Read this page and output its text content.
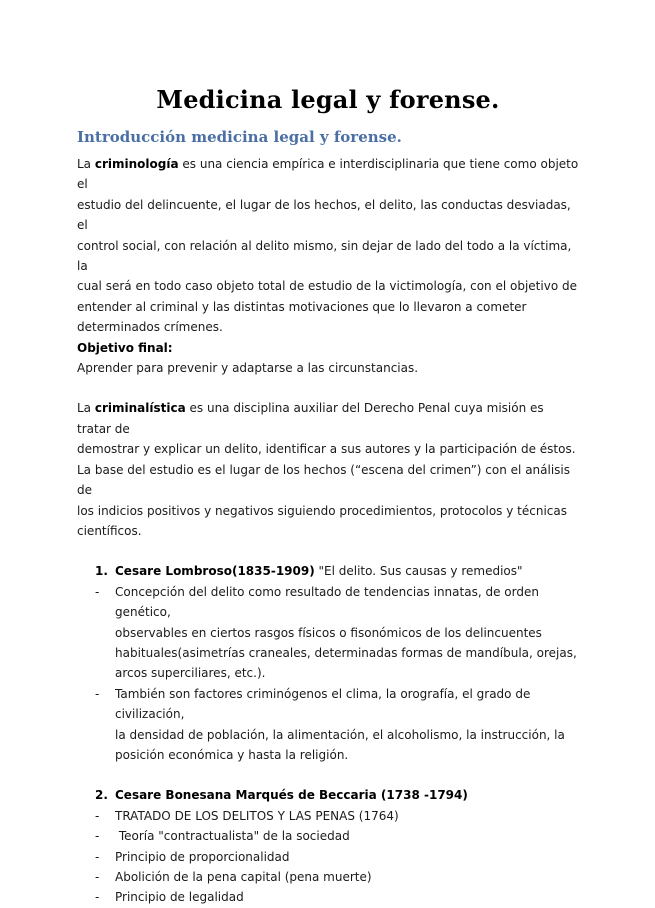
Medicina legal y forense.
Introducción medicina legal y forense.

La criminología es una ciencia empírica e interdisciplinaria que tiene como objeto el

estudio del delincuente, el lugar de los hechos, el delito, las conductas desviadas, el

control social, con relación al delito mismo, sin dejar de lado del todo a la víctima, la

cual será en todo caso objeto total de estudio de la victimología, con el objetivo de

entender al criminal y las distintas motivaciones que lo llevaron a cometer

determinados crímenes.

Objetivo final:

Aprender para prevenir y adaptarse a las circunstancias.

La criminalística es una disciplina auxiliar del Derecho Penal cuya misión es tratar de

demostrar y explicar un delito, identificar a sus autores y la participación de éstos.

La base del estudio es el lugar de los hechos (“escena del crimen”) con el análisis de

los indicios positivos y negativos siguiendo procedimientos, protocolos y técnicas

científicos.

1. Cesare Lombroso(1835-1909) "El delito. Sus causas y remedios"
- Concepción del delito como resultado de tendencias innatas, de orden genético,
observables en ciertos rasgos físicos o fisonómicos de los delincuentes
habituales(asimetrías craneales, determinadas formas de mandíbula, orejas,
arcos superciliares, etc.).
- También son factores criminógenos el clima, la orografía, el grado de civilización,
la densidad de población, la alimentación, el alcoholismo, la instrucción, la
posición económica y hasta la religión.
2. Cesare Bonesana Marqués de Beccaria (1738 -1794)
- TRATADO DE LOS DELITOS Y LAS PENAS (1764)
- Teoría "contractualista" de la sociedad
- Principio de proporcionalidad
- Abolición de la pena capital (pena muerte)
- Principio de legalidad
